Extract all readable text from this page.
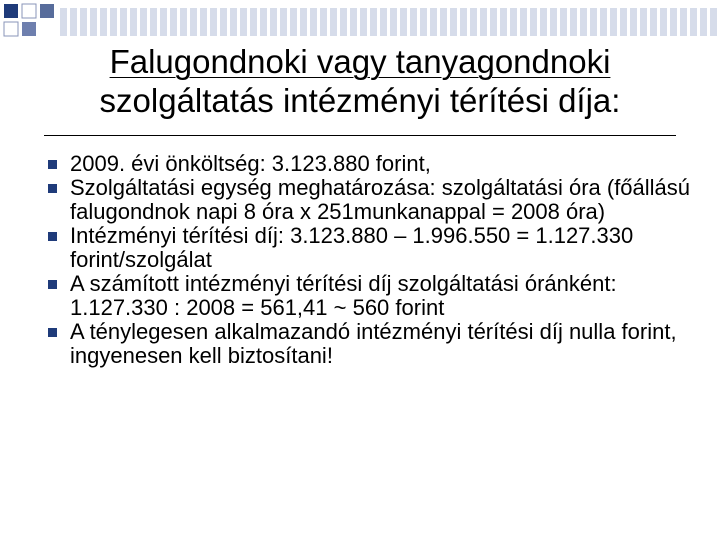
Falugondnoki vagy tanyagondnoki
szolgáltatás intézményi térítési díja:
2009. évi önköltség: 3.123.880 forint,
Szolgáltatási egység meghatározása: szolgáltatási óra (főállású falugondnok napi 8 óra x 251munkanappal = 2008 óra)
Intézményi térítési díj: 3.123.880 – 1.996.550 = 1.127.330 forint/szolgálat
A számított intézményi térítési díj szolgáltatási óránként: 1.127.330 : 2008 = 561,41 ~ 560 forint
A ténylegesen alkalmazandó intézményi térítési díj nulla forint, ingyenesen kell biztosítani!
